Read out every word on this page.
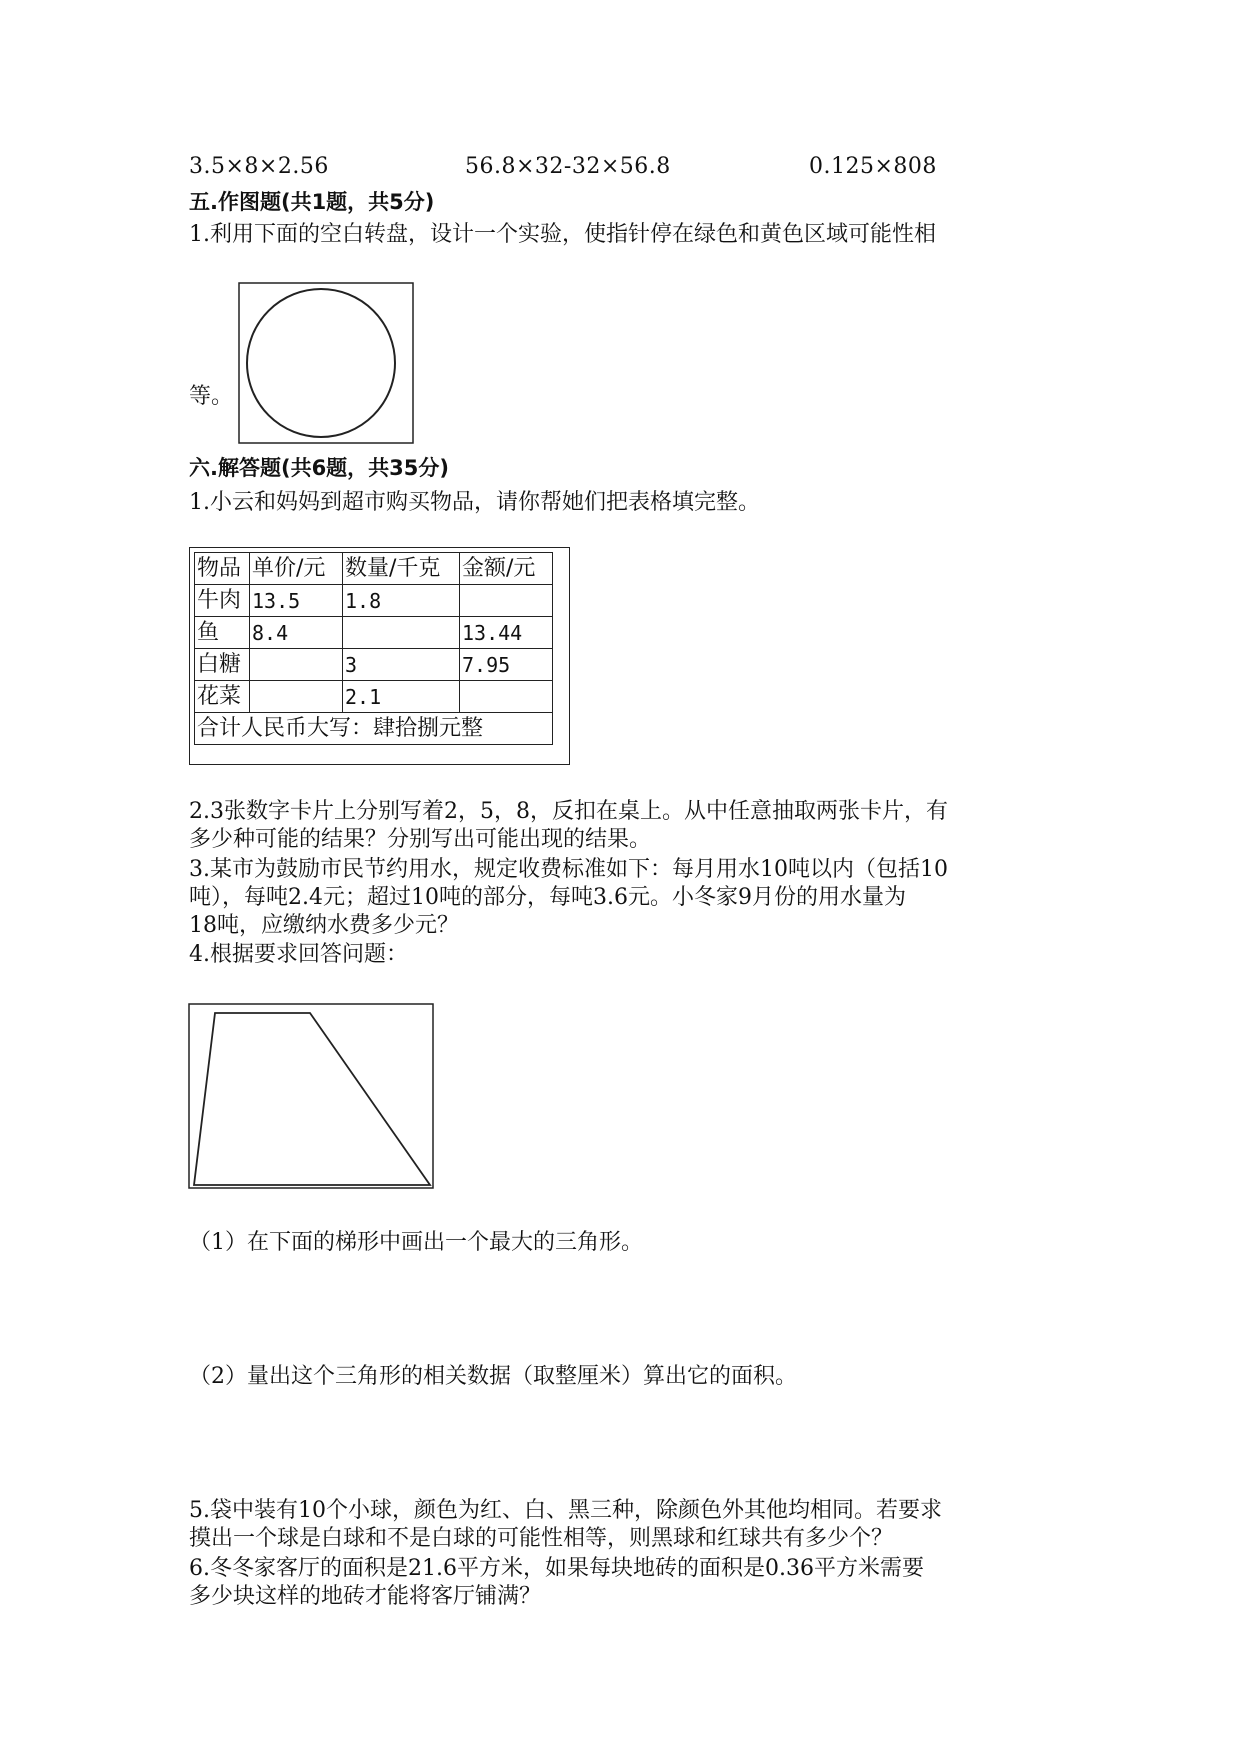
3.5×8×2.56	56.8×32-32×56.8	0.125×808
五.作图题(共1题，共5分)
1.利用下面的空白转盘，设计一个实验，使指针停在绿色和黄色区域可能性相
等。
六.解答题(共6题，共35分)
1.小云和妈妈到超市购买物品，请你帮她们把表格填完整。
物品	单价/元	数量/千克	金额/元
牛肉	13.5	1.8	
鱼	8.4		13.44
白糖		3	7.95
花菜		2.1	
合计人民币大写：肆拾捌元整			
2.3张数字卡片上分别写着2，5，8，反扣在桌上。从中任意抽取两张卡片，有
多少种可能的结果？分别写出可能出现的结果。
3.某市为鼓励市民节约用水，规定收费标准如下：每月用水10吨以内（包括10
吨），每吨2.4元；超过10吨的部分，每吨3.6元。小冬家9月份的用水量为
18吨，应缴纳水费多少元？
4.根据要求回答问题：
（1）在下面的梯形中画出一个最大的三角形。
（2）量出这个三角形的相关数据（取整厘米）算出它的面积。
5.袋中装有10个小球，颜色为红、白、黑三种，除颜色外其他均相同。若要求
摸出一个球是白球和不是白球的可能性相等，则黑球和红球共有多少个？
6.冬冬家客厅的面积是21.6平方米，如果每块地砖的面积是0.36平方米需要
多少块这样的地砖才能将客厅铺满？
